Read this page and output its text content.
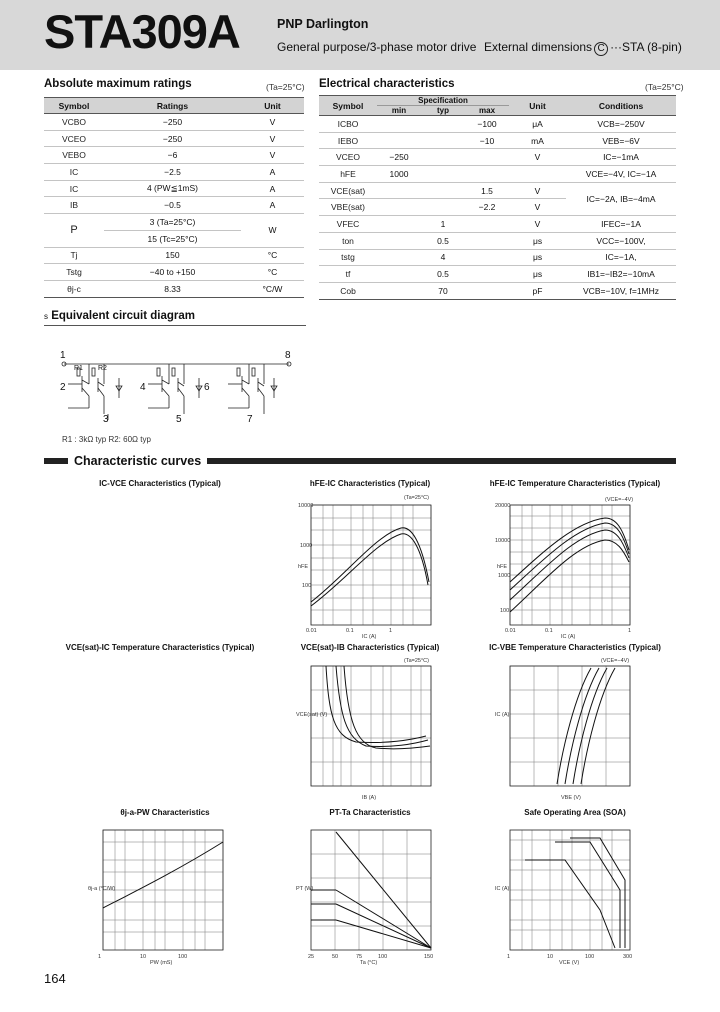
STA309A	PNP Darlington
General purpose/3-phase motor drive External dimensions C ···STA (8-pin)
Absolute maximum ratings	(Ta=25°C)
Symbol	Ratings	Unit
VCBO	−250	V
VCEO	−250	V
VEBO	−6	V
IC	−2.5	A
IC	4 (PW≦1mS)	A
IB	−0.5	A
P	3 (Ta=25°C)	W
	15 (Tc=25°C)	
Tj	150	°C
Tstg	−40 to +150	°C
θj-c	8.33	°C/W
Electrical characteristics	(Ta=25°C)
Symbol	Specification			Unit	Conditions
	min	typ	max		
ICBO			−100	μA	VCB=−250V
IEBO			−10	mA	VEB=−6V
VCEO	−250			V	IC=−1mA
hFE	1000				VCE=−4V, IC=−1A
VCE(sat)			1.5	V	IC=−2A, IB=−4mA
VBE(sat)			−2.2	V	
VFEC		1		V	IFEC=−1A
ton		0.5		μs	VCC=−100V,
tstg		4		μs	IC=−1A,
tf		0.5		μs	IB1=−IB2=−10mA
Cob		70		pF	VCB=−10V, f=1MHz
s Equivalent circuit diagram
1
2
3
4
5
6
7
8
R1 R2
R1 : 3kΩ typ R2: 60Ω typ
Characteristic curves
IC-VCE Characteristics (Typical)	hFE-IC Characteristics (Typical)	hFE-IC Temperature Characteristics (Typical)
VCE(sat)-IC Temperature Characteristics (Typical)	VCE(sat)-IB Characteristics (Typical)	IC-VBE Temperature Characteristics (Typical)
θj-a-PW Characteristics	PT-Ta Characteristics	Safe Operating Area (SOA)
10000
1000
100
0.01	0.1	1
IC (A)
hFE
(Ta=25°C)
20000
10000
1000
100
0.01	0.1	1
IC (A)
hFE
(VCE=−4V)
IB (A)
VCE(sat) (V)
(Ta=25°C)
VBE (V)
IC (A)
(VCE=−4V)
1	10	100
PW (mS)
θj-a (°C/W)
25	50	75	100	150
Ta (°C)
PT (W)
1	10	100	300
VCE (V)
IC (A)
164
